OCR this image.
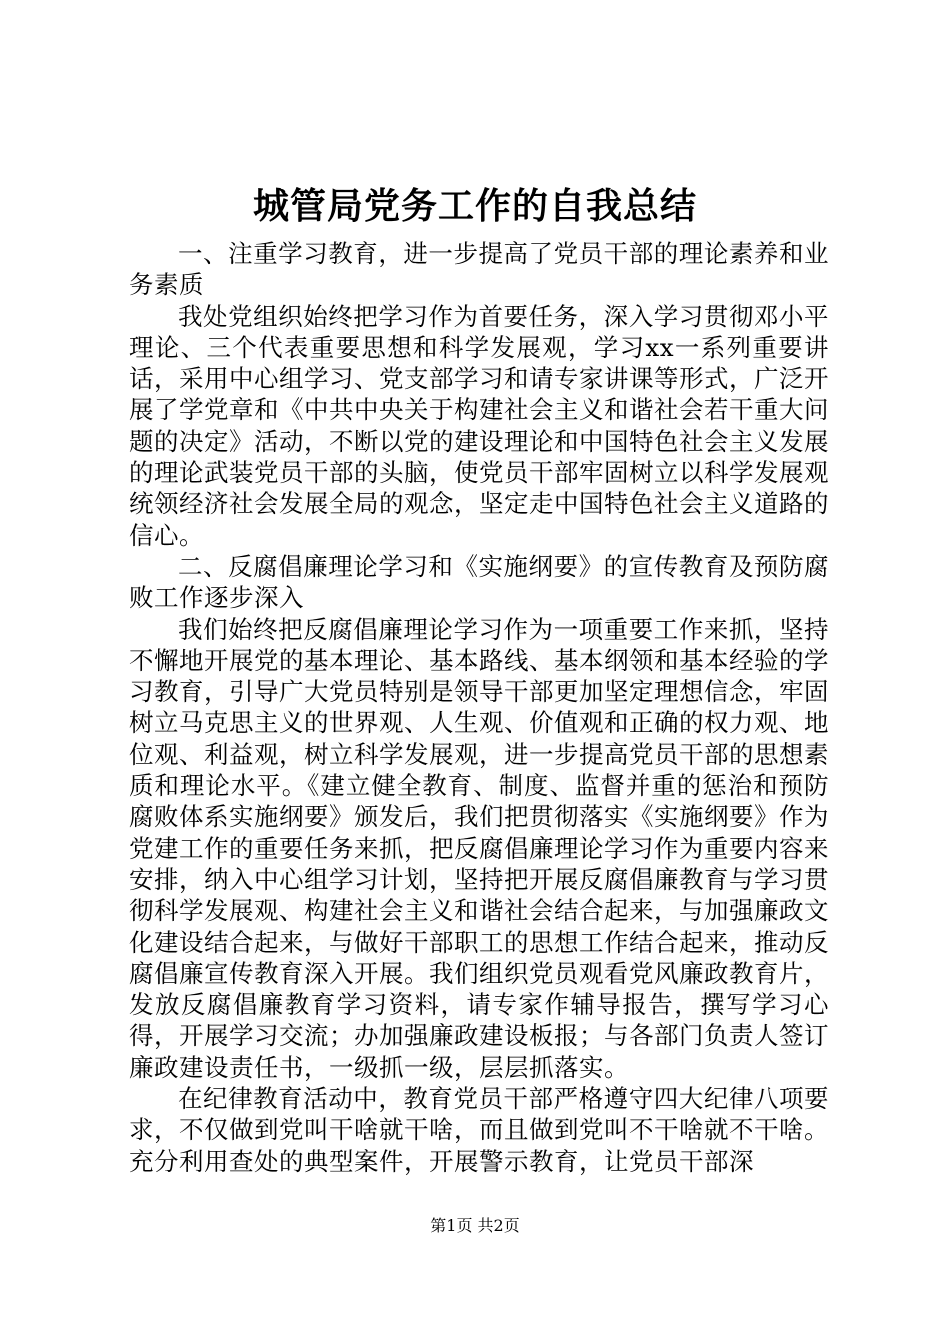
城管局党务工作的自我总结

一、注重学习教育，进一步提高了党员干部的理论素养和业务素质

我处党组织始终把学习作为首要任务，深入学习贯彻邓小平理论、三个代表重要思想和科学发展观，学习xx一系列重要讲话，采用中心组学习、党支部学习和请专家讲课等形式，广泛开展了学党章和《中共中央关于构建社会主义和谐社会若干重大问题的决定》活动，不断以党的建设理论和中国特色社会主义发展的理论武装党员干部的头脑，使党员干部牢固树立以科学发展观统领经济社会发展全局的观念，坚定走中国特色社会主义道路的信心。

二、反腐倡廉理论学习和《实施纲要》的宣传教育及预防腐败工作逐步深入

我们始终把反腐倡廉理论学习作为一项重要工作来抓，坚持不懈地开展党的基本理论、基本路线、基本纲领和基本经验的学习教育，引导广大党员特别是领导干部更加坚定理想信念，牢固树立马克思主义的世界观、人生观、价值观和正确的权力观、地位观、利益观，树立科学发展观，进一步提高党员干部的思想素质和理论水平。《建立健全教育、制度、监督并重的惩治和预防腐败体系实施纲要》颁发后，我们把贯彻落实《实施纲要》作为党建工作的重要任务来抓，把反腐倡廉理论学习作为重要内容来安排，纳入中心组学习计划，坚持把开展反腐倡廉教育与学习贯彻科学发展观、构建社会主义和谐社会结合起来，与加强廉政文化建设结合起来，与做好干部职工的思想工作结合起来，推动反腐倡廉宣传教育深入开展。我们组织党员观看党风廉政教育片，发放反腐倡廉教育学习资料，请专家作辅导报告，撰写学习心得，开展学习交流；办加强廉政建设板报；与各部门负责人签订廉政建设责任书，一级抓一级，层层抓落实。

在纪律教育活动中，教育党员干部严格遵守四大纪律八项要求，不仅做到党叫干啥就干啥，而且做到党叫不干啥就不干啥。充分利用查处的典型案件，开展警示教育，让党员干部深

第1页 共2页
